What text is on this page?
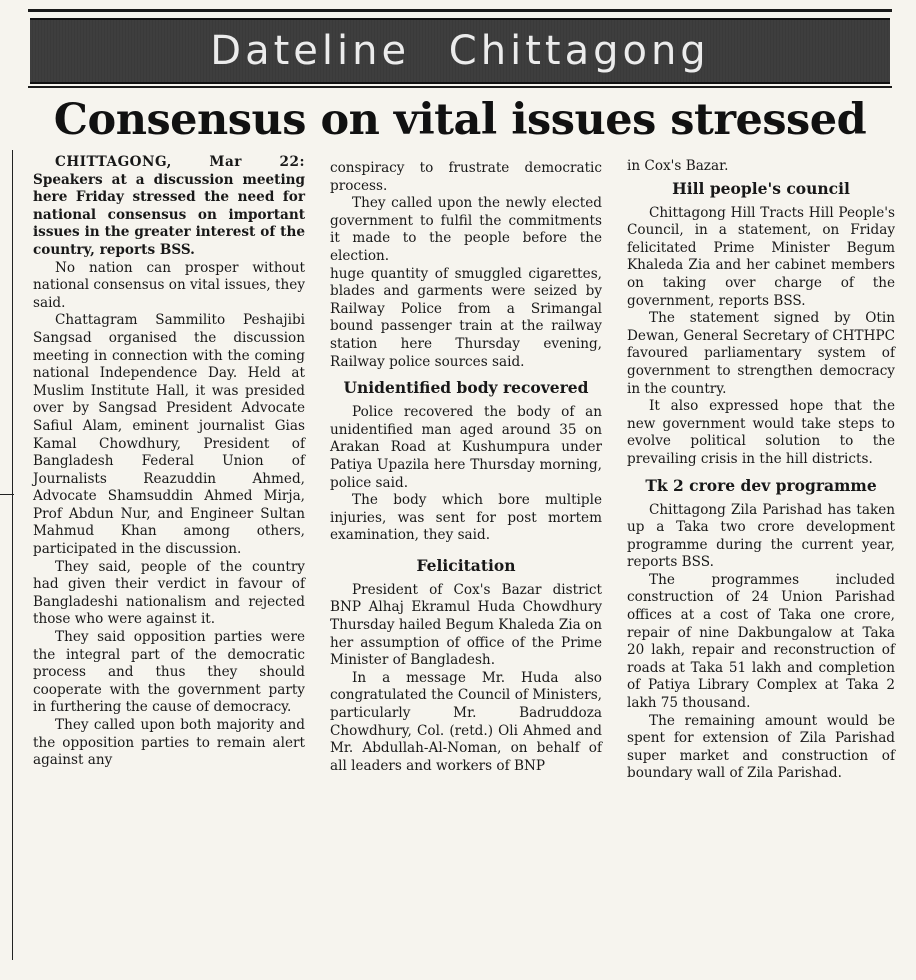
Dateline Chittagong
Consensus on vital issues stressed

CHITTAGONG, Mar 22: Speakers at a discussion meeting here Friday stressed the need for national consensus on important issues in the greater interest of the country, reports BSS.

No nation can prosper without national consensus on vital issues, they said.

Chattagram Sammilito Peshajibi Sangsad organised the discussion meeting in connection with the coming national Independence Day. Held at Muslim Institute Hall, it was presided over by Sangsad President Advocate Safiul Alam, eminent journalist Gias Kamal Chowdhury, President of Bangladesh Federal Union of Journalists Reazuddin Ahmed, Advocate Shamsuddin Ahmed Mirja, Prof Abdun Nur, and Engineer Sultan Mahmud Khan among others, participated in the discussion.

They said, people of the country had given their verdict in favour of Bangladeshi nationalism and rejected those who were against it.

They said opposition parties were the integral part of the democratic process and thus they should cooperate with the government party in furthering the cause of democracy.

They called upon both majority and the opposition parties to remain alert against any

conspiracy to frustrate democratic process.

They called upon the newly elected government to fulfil the commitments it made to the people before the election.

huge quantity of smuggled cigarettes, blades and garments were seized by Railway Police from a Srimangal bound passenger train at the railway station here Thursday evening, Railway police sources said.

Unidentified body recovered

Police recovered the body of an unidentified man aged around 35 on Arakan Road at Kushumpura under Patiya Upazila here Thursday morning, police said.

The body which bore multiple injuries, was sent for post mortem examination, they said.

Felicitation

President of Cox's Bazar district BNP Alhaj Ekramul Huda Chowdhury Thursday hailed Begum Khaleda Zia on her assumption of office of the Prime Minister of Bangladesh.

In a message Mr. Huda also congratulated the Council of Ministers, particularly Mr. Badruddoza Chowdhury, Col. (retd.) Oli Ahmed and Mr. Abdullah-Al-Noman, on behalf of all leaders and workers of BNP

in Cox's Bazar.

Hill people's council

Chittagong Hill Tracts Hill People's Council, in a statement, on Friday felicitated Prime Minister Begum Khaleda Zia and her cabinet members on taking over charge of the government, reports BSS.

The statement signed by Otin Dewan, General Secretary of CHTHPC favoured parliamentary system of government to strengthen democracy in the country.

It also expressed hope that the new government would take steps to evolve political solution to the prevailing crisis in the hill districts.

Tk 2 crore dev programme

Chittagong Zila Parishad has taken up a Taka two crore development programme during the current year, reports BSS.

The programmes included construction of 24 Union Parishad offices at a cost of Taka one crore, repair of nine Dakbungalow at Taka 20 lakh, repair and reconstruction of roads at Taka 51 lakh and completion of Patiya Library Complex at Taka 2 lakh 75 thousand.

The remaining amount would be spent for extension of Zila Parishad super market and construction of boundary wall of Zila Parishad.
